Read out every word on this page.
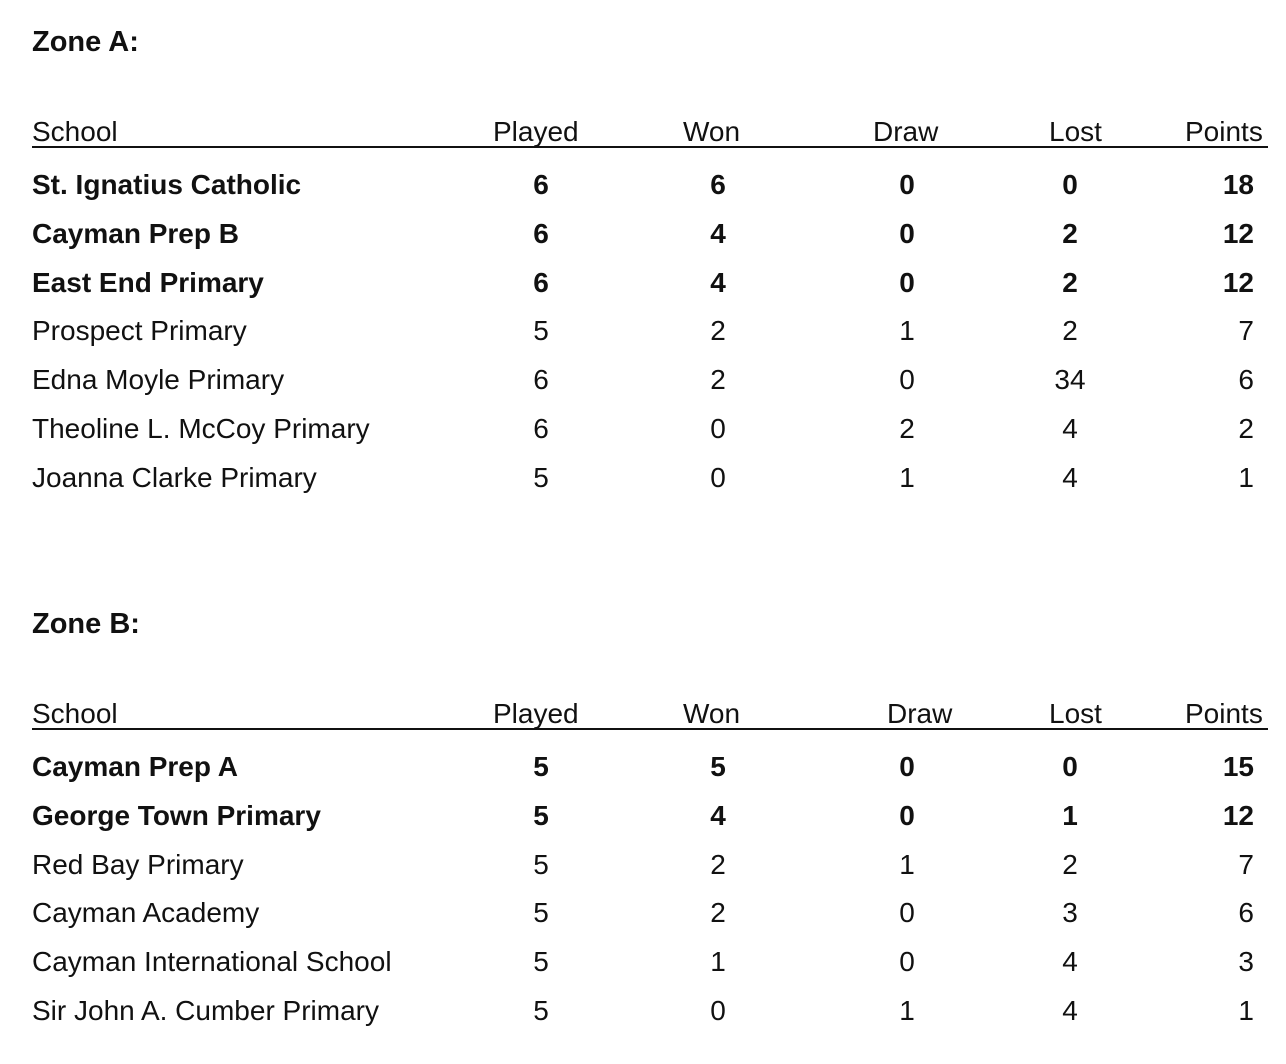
Zone A:
School	Played	Won	Draw	Lost	Points
St. Ignatius Catholic	6	6	0	0	18
Cayman Prep B	6	4	0	2	12
East End Primary	6	4	0	2	12
Prospect Primary	5	2	1	2	7
Edna Moyle Primary	6	2	0	34	6
Theoline L. McCoy Primary	6	0	2	4	2
Joanna Clarke Primary	5	0	1	4	1
Zone B:
School	Played	Won	Draw	Lost	Points
Cayman Prep A	5	5	0	0	15
George Town Primary	5	4	0	1	12
Red Bay Primary	5	2	1	2	7
Cayman Academy	5	2	0	3	6
Cayman International School	5	1	0	4	3
Sir John A. Cumber Primary	5	0	1	4	1
